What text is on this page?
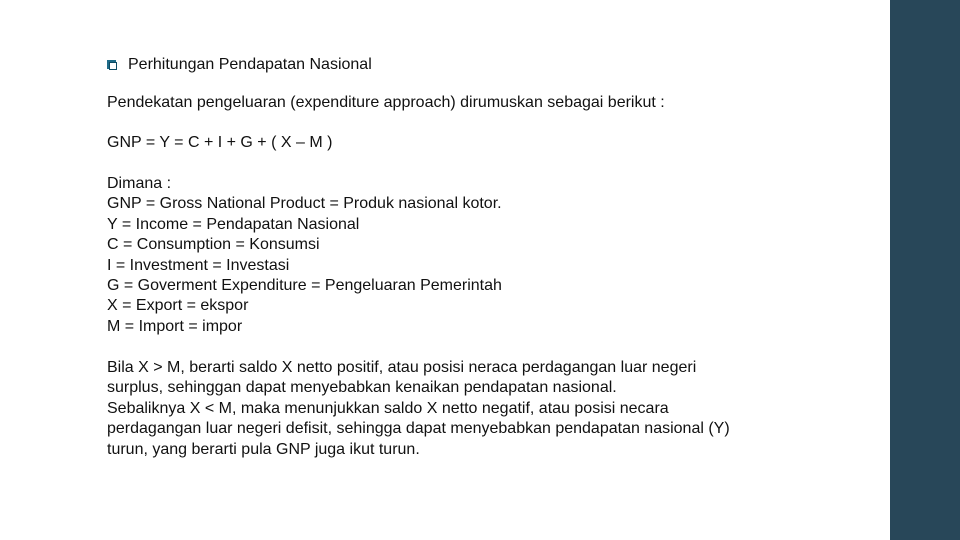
Perhitungan Pendapatan Nasional
Pendekatan pengeluaran (expenditure approach) dirumuskan sebagai berikut :
GNP = Y = C + I + G + ( X – M )
Dimana :
GNP = Gross National Product = Produk nasional kotor.
Y = Income = Pendapatan Nasional
C = Consumption = Konsumsi
I = Investment = Investasi
G = Goverment Expenditure = Pengeluaran Pemerintah
X = Export = ekspor
M = Import = impor
Bila X > M, berarti saldo X netto positif, atau posisi neraca perdagangan luar negeri
surplus, sehinggan dapat menyebabkan kenaikan pendapatan nasional.
Sebaliknya X < M, maka menunjukkan saldo X netto negatif, atau posisi necara
perdagangan luar negeri defisit, sehingga dapat menyebabkan pendapatan nasional (Y)
turun, yang berarti pula GNP juga ikut turun.
